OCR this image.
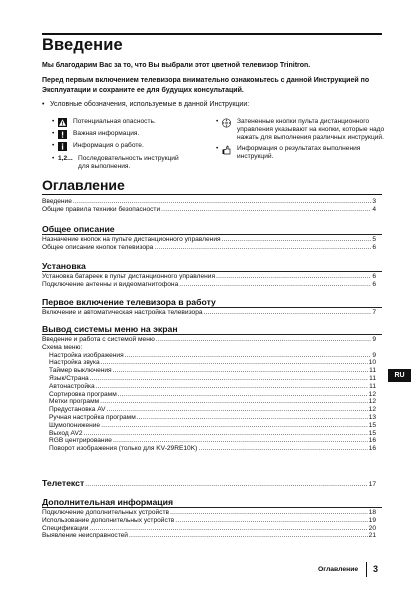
Введение

Мы благодарим Вас за то, что Вы выбрали этот цветной телевизор Trinitron.

Перед первым включением телевизора внимательно ознакомьтесь с данной Инструкцией по Эксплуатации и сохраните ее для будущих консультаций.

• Условные обозначения, используемые в данной Инструкции:
•	Потенциальная опасность.
•	Важная информация.
•	Информация о работе.
• 1,2... Последовательность инструкций для выполнения.
•	Затененные кнопки пульта дистанционного управления указывают на кнопки, которые надо нажать для выполнения различных инструкций.
•	Информация о результатах выполнения инструкций.
Оглавление
Введение .....	3
Общие правила техники безопасности .....	4
Общее описание
Назначение кнопок на пульте дистанционного управления .....	5
Общее описание кнопок телевизора .....	6
Установка
Установка батареек в пульт дистанционного управления .....	6
Подключение антенны и видеомагнитофона .....	6
Первое включение телевизора в работу
Включение и автоматическая настройка телевизора .....	7
Вывод системы меню на экран
Введение и работа с системой меню .....	9
Схема меню:
Настройка изображения .....	9
Настройка звука .....	10
Таймер выключения .....	11
Язык/Страна .....	11
Автонастройка .....	11
Сортировка программ .....	12
Метки программ .....	12
Предустановка AV .....	12
Ручная настройка программ .....	13
Шумопонижение .....	15
Выход AV2 .....	15
RGB центрирование .....	16
Поворот изображения (только для KV-29RE10K) .....	16
Телетекст .....	17
Дополнительная информация
Подключение дополнительных устройств .....	18
Использование дополнительных устройств .....	19
Спецификации .....	20
Выявление неисправностей .....	21
RU
Оглавление 3
